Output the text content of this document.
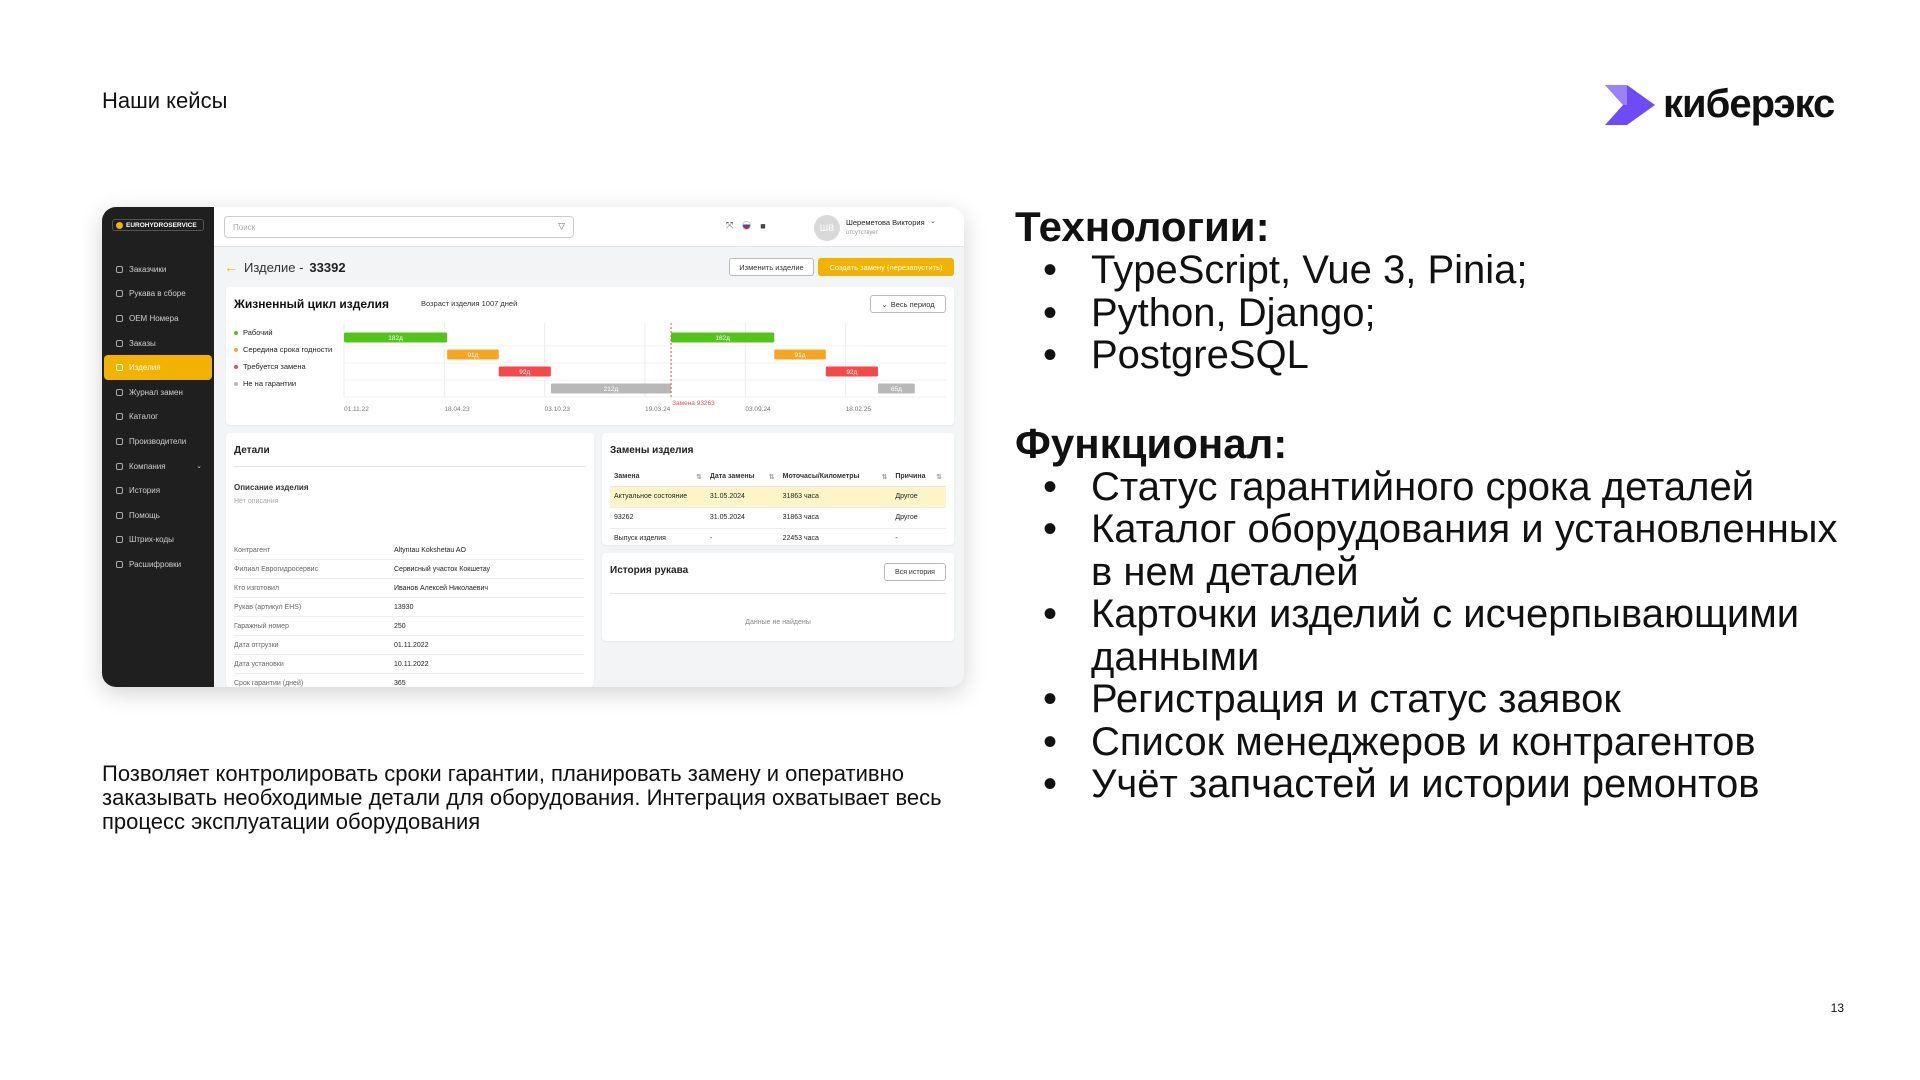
Наши кейсы	киберэкс
EUROHYDROSERVICE
Заказчики
Рукава в сборе
OEM Номера
Заказы
Изделия
Журнал замен
Каталог
Производители
Компания	⌄
История
Помощь
Штрих-коды
Расшифровки
Поиск	▽	⤧	■	ШВ
Шереметова Виктория
отсутствует
⌄
← Изделие - 33392	Изменить изделие	Создать замену (перезапустить)
Жизненный цикл изделия	Возраст изделия 1007 дней	⌄ Весь период
Рабочий
Середина срока годности
Требуется замена
Не на гарантии
01.11.22	18.04.23	03.10.23	19.03.24	03.09.24	18.02.25
182д
91д
92д
212д
182д
91д
92д
65д
Замена 93263
Детали
Описание изделия
Нет описания
Контрагент	Altyntau Kokshetau AO
Филиал Еврогидросервис	Сервисный участок Кокшетау
Кто изготовил	Иванов Алексей Николаевич
Рукав (артикул EHS)	13930
Гаражный номер	250
Дата отгрузки	01.11.2022
Дата установки	10.11.2022
Срок гарантии (дней)	365
Замены изделия
Замена ⇅	Дата замены ⇅	Моточасы/Километры ⇅	Причина ⇅

Актуальное состояние	31.05.2024	31863 часа	Другое
93262	31.05.2024	31863 часа	Другое
Выпуск изделия	-	22453 часа	-
История рукава	Вся история
Данные не найдены
Позволяет контролировать сроки гарантии, планировать замену и оперативно заказывать необходимые детали для оборудования. Интеграция охватывает весь процесс эксплуатации оборудования
Технологии:
• TypeScript, Vue 3, Pinia;
• Python, Django;
• PostgreSQL
Функционал:
• Статус гарантийного срока деталей
• Каталог оборудования и установленных
в нем деталей
• Карточки изделий с исчерпывающими данными
• Регистрация и статус заявок
• Список менеджеров и контрагентов
• Учёт запчастей и истории ремонтов
13
